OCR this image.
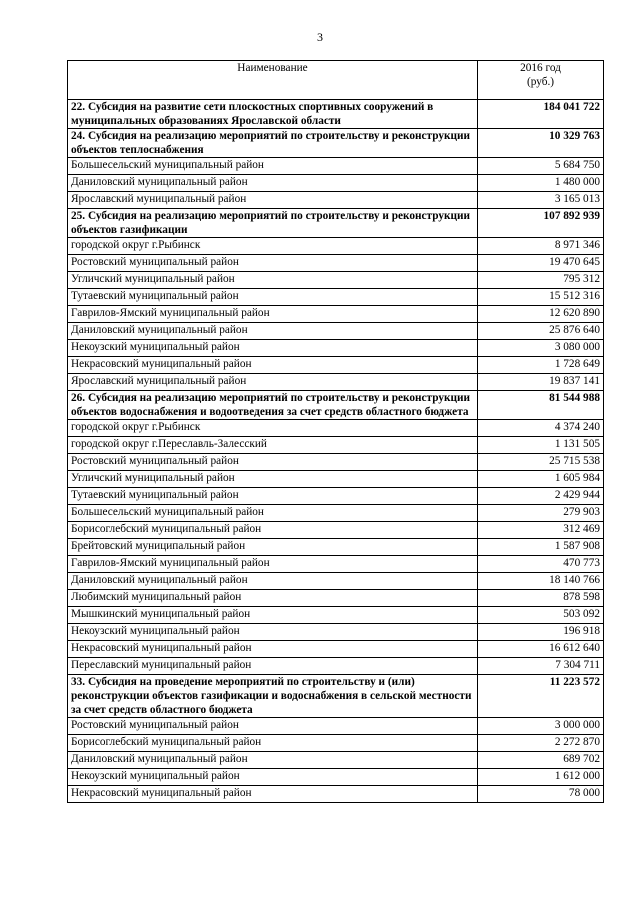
3
Наименование	2016 год
(руб.)

22. Субсидия на развитие сети плоскостных спортивных сооружений в муниципальных образованиях Ярославской области	184 041 722
24. Субсидия на реализацию мероприятий по строительству и реконструкции объектов теплоснабжения	10 329 763
Большесельский муниципальный район	5 684 750
Даниловский муниципальный район	1 480 000
Ярославский муниципальный район	3 165 013
25. Субсидия на реализацию мероприятий по строительству и реконструкции объектов газификации	107 892 939
городской округ г.Рыбинск	8 971 346
Ростовский муниципальный район	19 470 645
Угличский муниципальный район	795 312
Тутаевский муниципальный район	15 512 316
Гаврилов-Ямский муниципальный район	12 620 890
Даниловский муниципальный район	25 876 640
Некоузский муниципальный район	3 080 000
Некрасовский муниципальный район	1 728 649
Ярославский муниципальный район	19 837 141
26. Субсидия на реализацию мероприятий по строительству и реконструкции объектов водоснабжения и водоотведения за счет средств областного бюджета	81 544 988
городской округ г.Рыбинск	4 374 240
городской округ г.Переславль-Залесский	1 131 505
Ростовский муниципальный район	25 715 538
Угличский муниципальный район	1 605 984
Тутаевский муниципальный район	2 429 944
Большесельский муниципальный район	279 903
Борисоглебский муниципальный район	312 469
Брейтовский муниципальный район	1 587 908
Гаврилов-Ямский муниципальный район	470 773
Даниловский муниципальный район	18 140 766
Любимский муниципальный район	878 598
Мышкинский муниципальный район	503 092
Некоузский муниципальный район	196 918
Некрасовский муниципальный район	16 612 640
Переславский муниципальный район	7 304 711
33. Субсидия на проведение мероприятий по строительству и (или) реконструкции объектов газификации и водоснабжения в сельской местности за счет средств областного бюджета	11 223 572
Ростовский муниципальный район	3 000 000
Борисоглебский муниципальный район	2 272 870
Даниловский муниципальный район	689 702
Некоузский муниципальный район	1 612 000
Некрасовский муниципальный район	78 000
